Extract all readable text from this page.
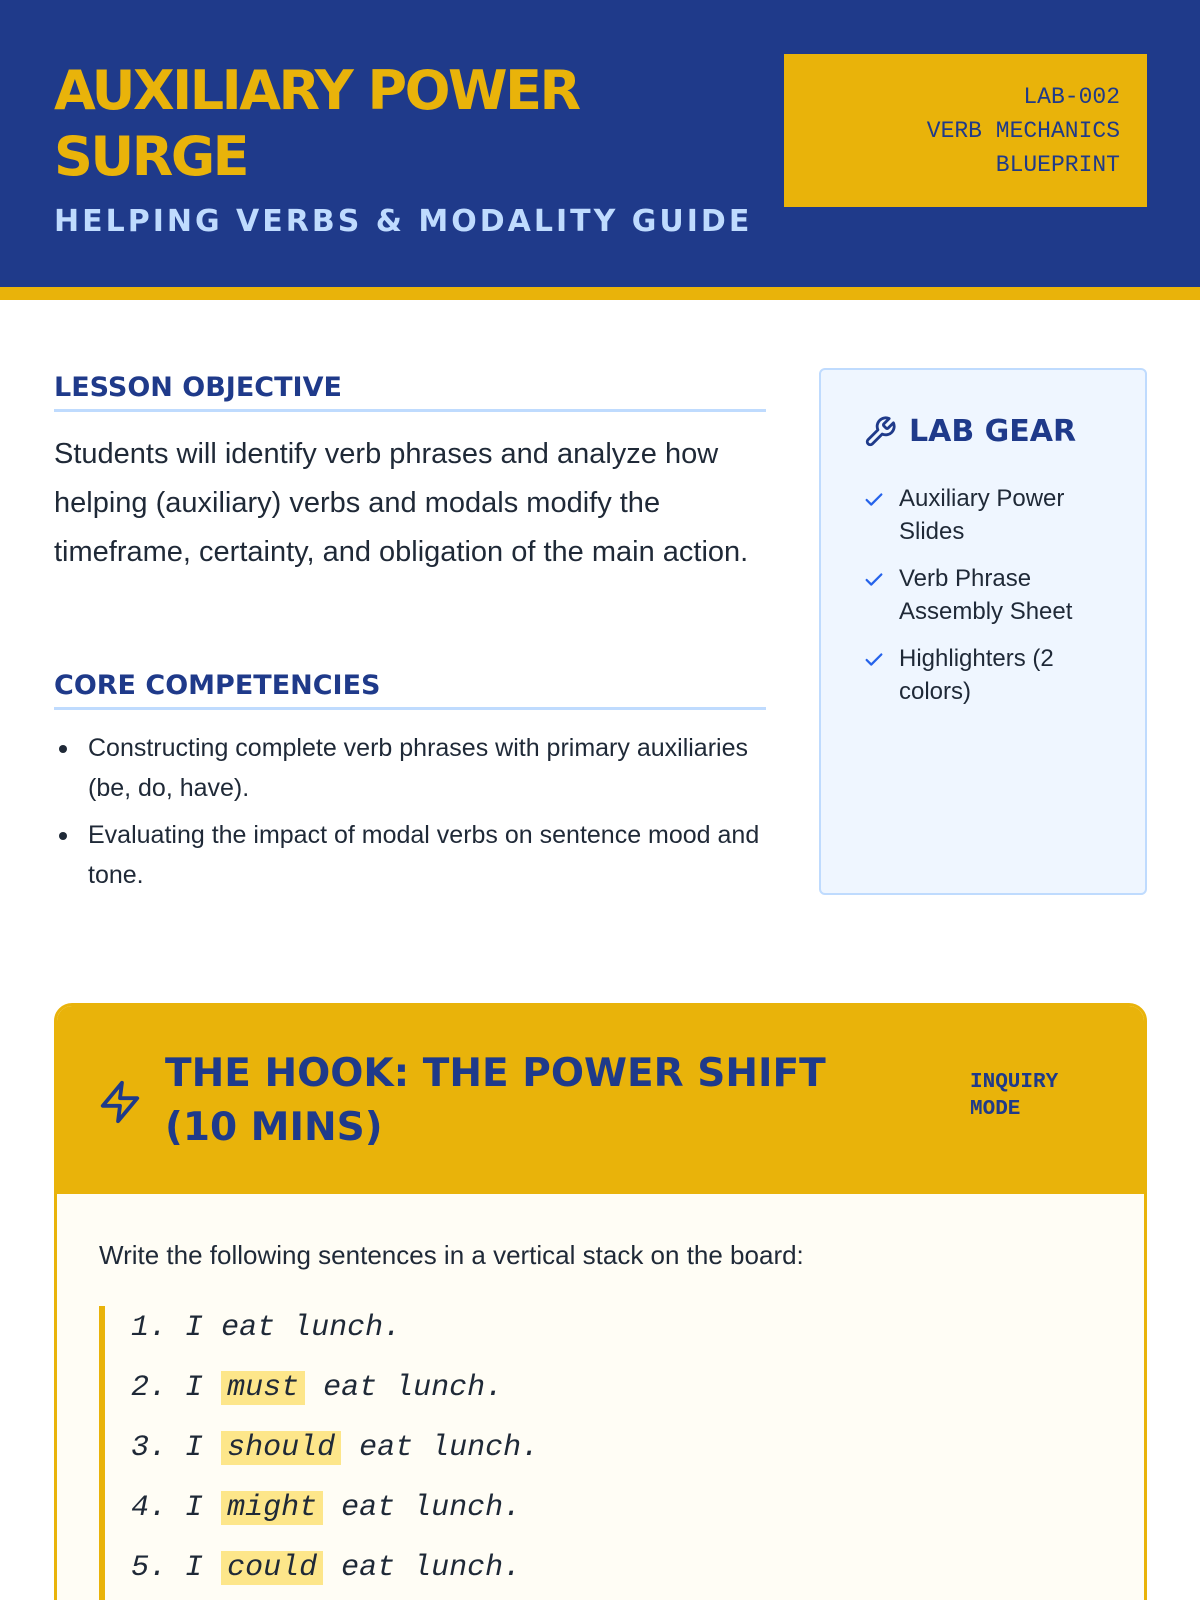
AUXILIARY POWER SURGE
HELPING VERBS & MODALITY GUIDE
LAB-002
VERB MECHANICS
BLUEPRINT
LESSON OBJECTIVE

Students will identify verb phrases and analyze how helping (auxiliary) verbs and modals modify the timeframe, certainty, and obligation of the main action.

CORE COMPETENCIES
Constructing complete verb phrases with primary auxiliaries (be, do, have).
Evaluating the impact of modal verbs on sentence mood and tone.
LAB GEAR
Auxiliary Power Slides
Verb Phrase Assembly Sheet
Highlighters (2 colors)
THE HOOK: THE POWER SHIFT (10 MINS)
INQUIRY MODE

Write the following sentences in a vertical stack on the board:

1. I eat lunch.
2. I must eat lunch.
3. I should eat lunch.
4. I might eat lunch.
5. I could eat lunch.
